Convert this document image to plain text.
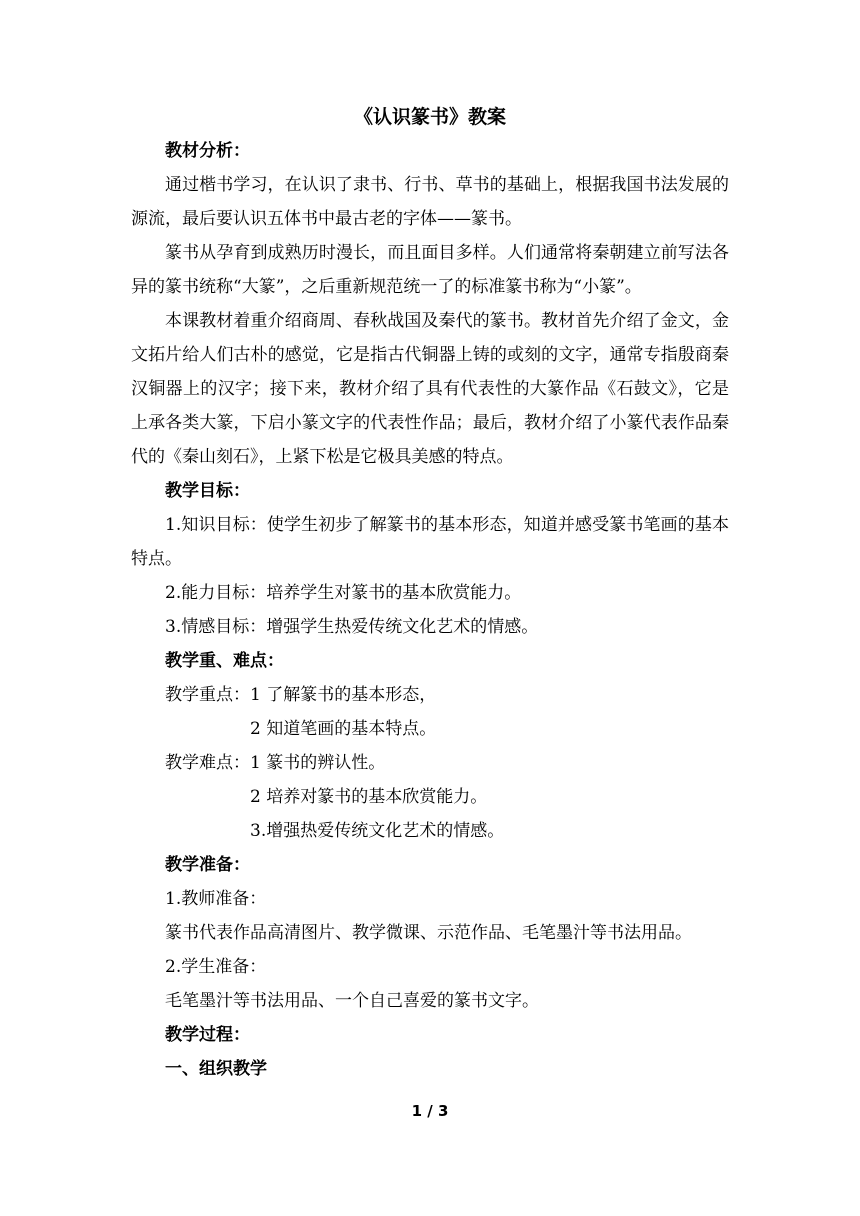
《认识篆书》教案

教材分析：

通过楷书学习，在认识了隶书、行书、草书的基础上，根据我国书法发展的源流，最后要认识五体书中最古老的字体——篆书。

篆书从孕育到成熟历时漫长，而且面目多样。人们通常将秦朝建立前写法各异的篆书统称“大篆”，之后重新规范统一了的标准篆书称为“小篆”。

本课教材着重介绍商周、春秋战国及秦代的篆书。教材首先介绍了金文，金文拓片给人们古朴的感觉，它是指古代铜器上铸的或刻的文字，通常专指殷商秦汉铜器上的汉字；接下来，教材介绍了具有代表性的大篆作品《石鼓文》，它是上承各类大篆，下启小篆文字的代表性作品；最后，教材介绍了小篆代表作品秦代的《秦山刻石》，上紧下松是它极具美感的特点。

教学目标：

1.知识目标：使学生初步了解篆书的基本形态，知道并感受篆书笔画的基本特点。

2.能力目标：培养学生对篆书的基本欣赏能力。

3.情感目标：增强学生热爱传统文化艺术的情感。

教学重、难点：

教学重点：1 了解篆书的基本形态，

2 知道笔画的基本特点。

教学难点：1 篆书的辨认性。

2 培养对篆书的基本欣赏能力。

3.增强热爱传统文化艺术的情感。

教学准备：

1.教师准备：

篆书代表作品高清图片、教学微课、示范作品、毛笔墨汁等书法用品。

2.学生准备：

毛笔墨汁等书法用品、一个自己喜爱的篆书文字。

教学过程：

一、组织教学

1 / 3
